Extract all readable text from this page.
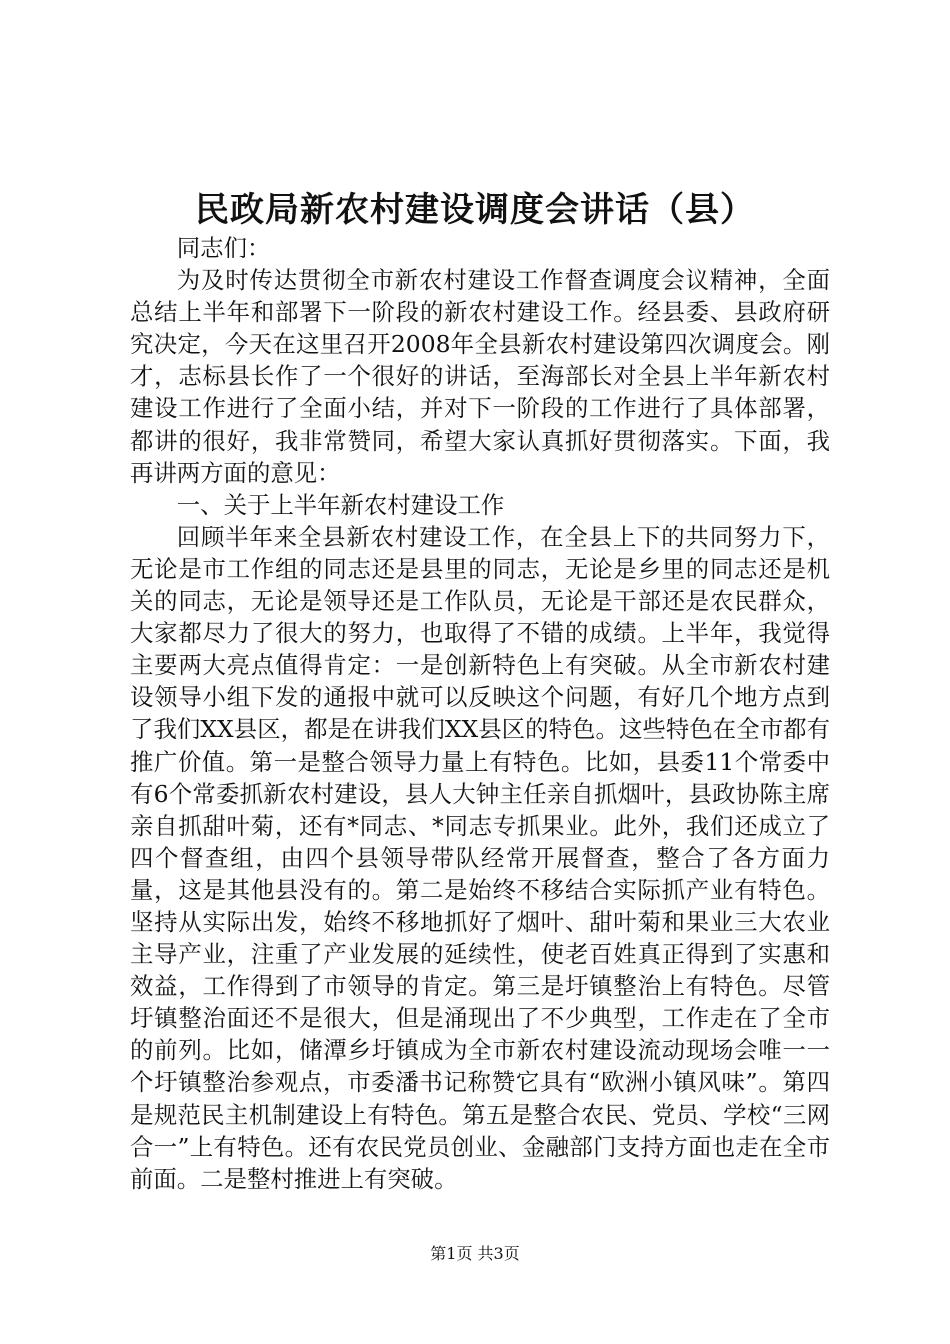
民政局新农村建设调度会讲话（县）

同志们：

为及时传达贯彻全市新农村建设工作督查调度会议精神，全面总结上半年和部署下一阶段的新农村建设工作。经县委、县政府研究决定，今天在这里召开2008年全县新农村建设第四次调度会。刚才，志标县长作了一个很好的讲话，至海部长对全县上半年新农村建设工作进行了全面小结，并对下一阶段的工作进行了具体部署，都讲的很好，我非常赞同，希望大家认真抓好贯彻落实。下面，我再讲两方面的意见：

一、关于上半年新农村建设工作

回顾半年来全县新农村建设工作，在全县上下的共同努力下，无论是市工作组的同志还是县里的同志，无论是乡里的同志还是机关的同志，无论是领导还是工作队员，无论是干部还是农民群众，大家都尽力了很大的努力，也取得了不错的成绩。上半年，我觉得主要两大亮点值得肯定：一是创新特色上有突破。从全市新农村建设领导小组下发的通报中就可以反映这个问题，有好几个地方点到了我们XX县区，都是在讲我们XX县区的特色。这些特色在全市都有推广价值。第一是整合领导力量上有特色。比如，县委11个常委中有6个常委抓新农村建设，县人大钟主任亲自抓烟叶，县政协陈主席亲自抓甜叶菊，还有*同志、*同志专抓果业。此外，我们还成立了四个督查组，由四个县领导带队经常开展督查，整合了各方面力量，这是其他县没有的。第二是始终不移结合实际抓产业有特色。坚持从实际出发，始终不移地抓好了烟叶、甜叶菊和果业三大农业主导产业，注重了产业发展的延续性，使老百姓真正得到了实惠和效益，工作得到了市领导的肯定。第三是圩镇整治上有特色。尽管圩镇整治面还不是很大，但是涌现出了不少典型，工作走在了全市的前列。比如，储潭乡圩镇成为全市新农村建设流动现场会唯一一个圩镇整治参观点，市委潘书记称赞它具有“欧洲小镇风味”。第四是规范民主机制建设上有特色。第五是整合农民、党员、学校“三网合一”上有特色。还有农民党员创业、金融部门支持方面也走在全市前面。二是整村推进上有突破。

第1页 共3页
